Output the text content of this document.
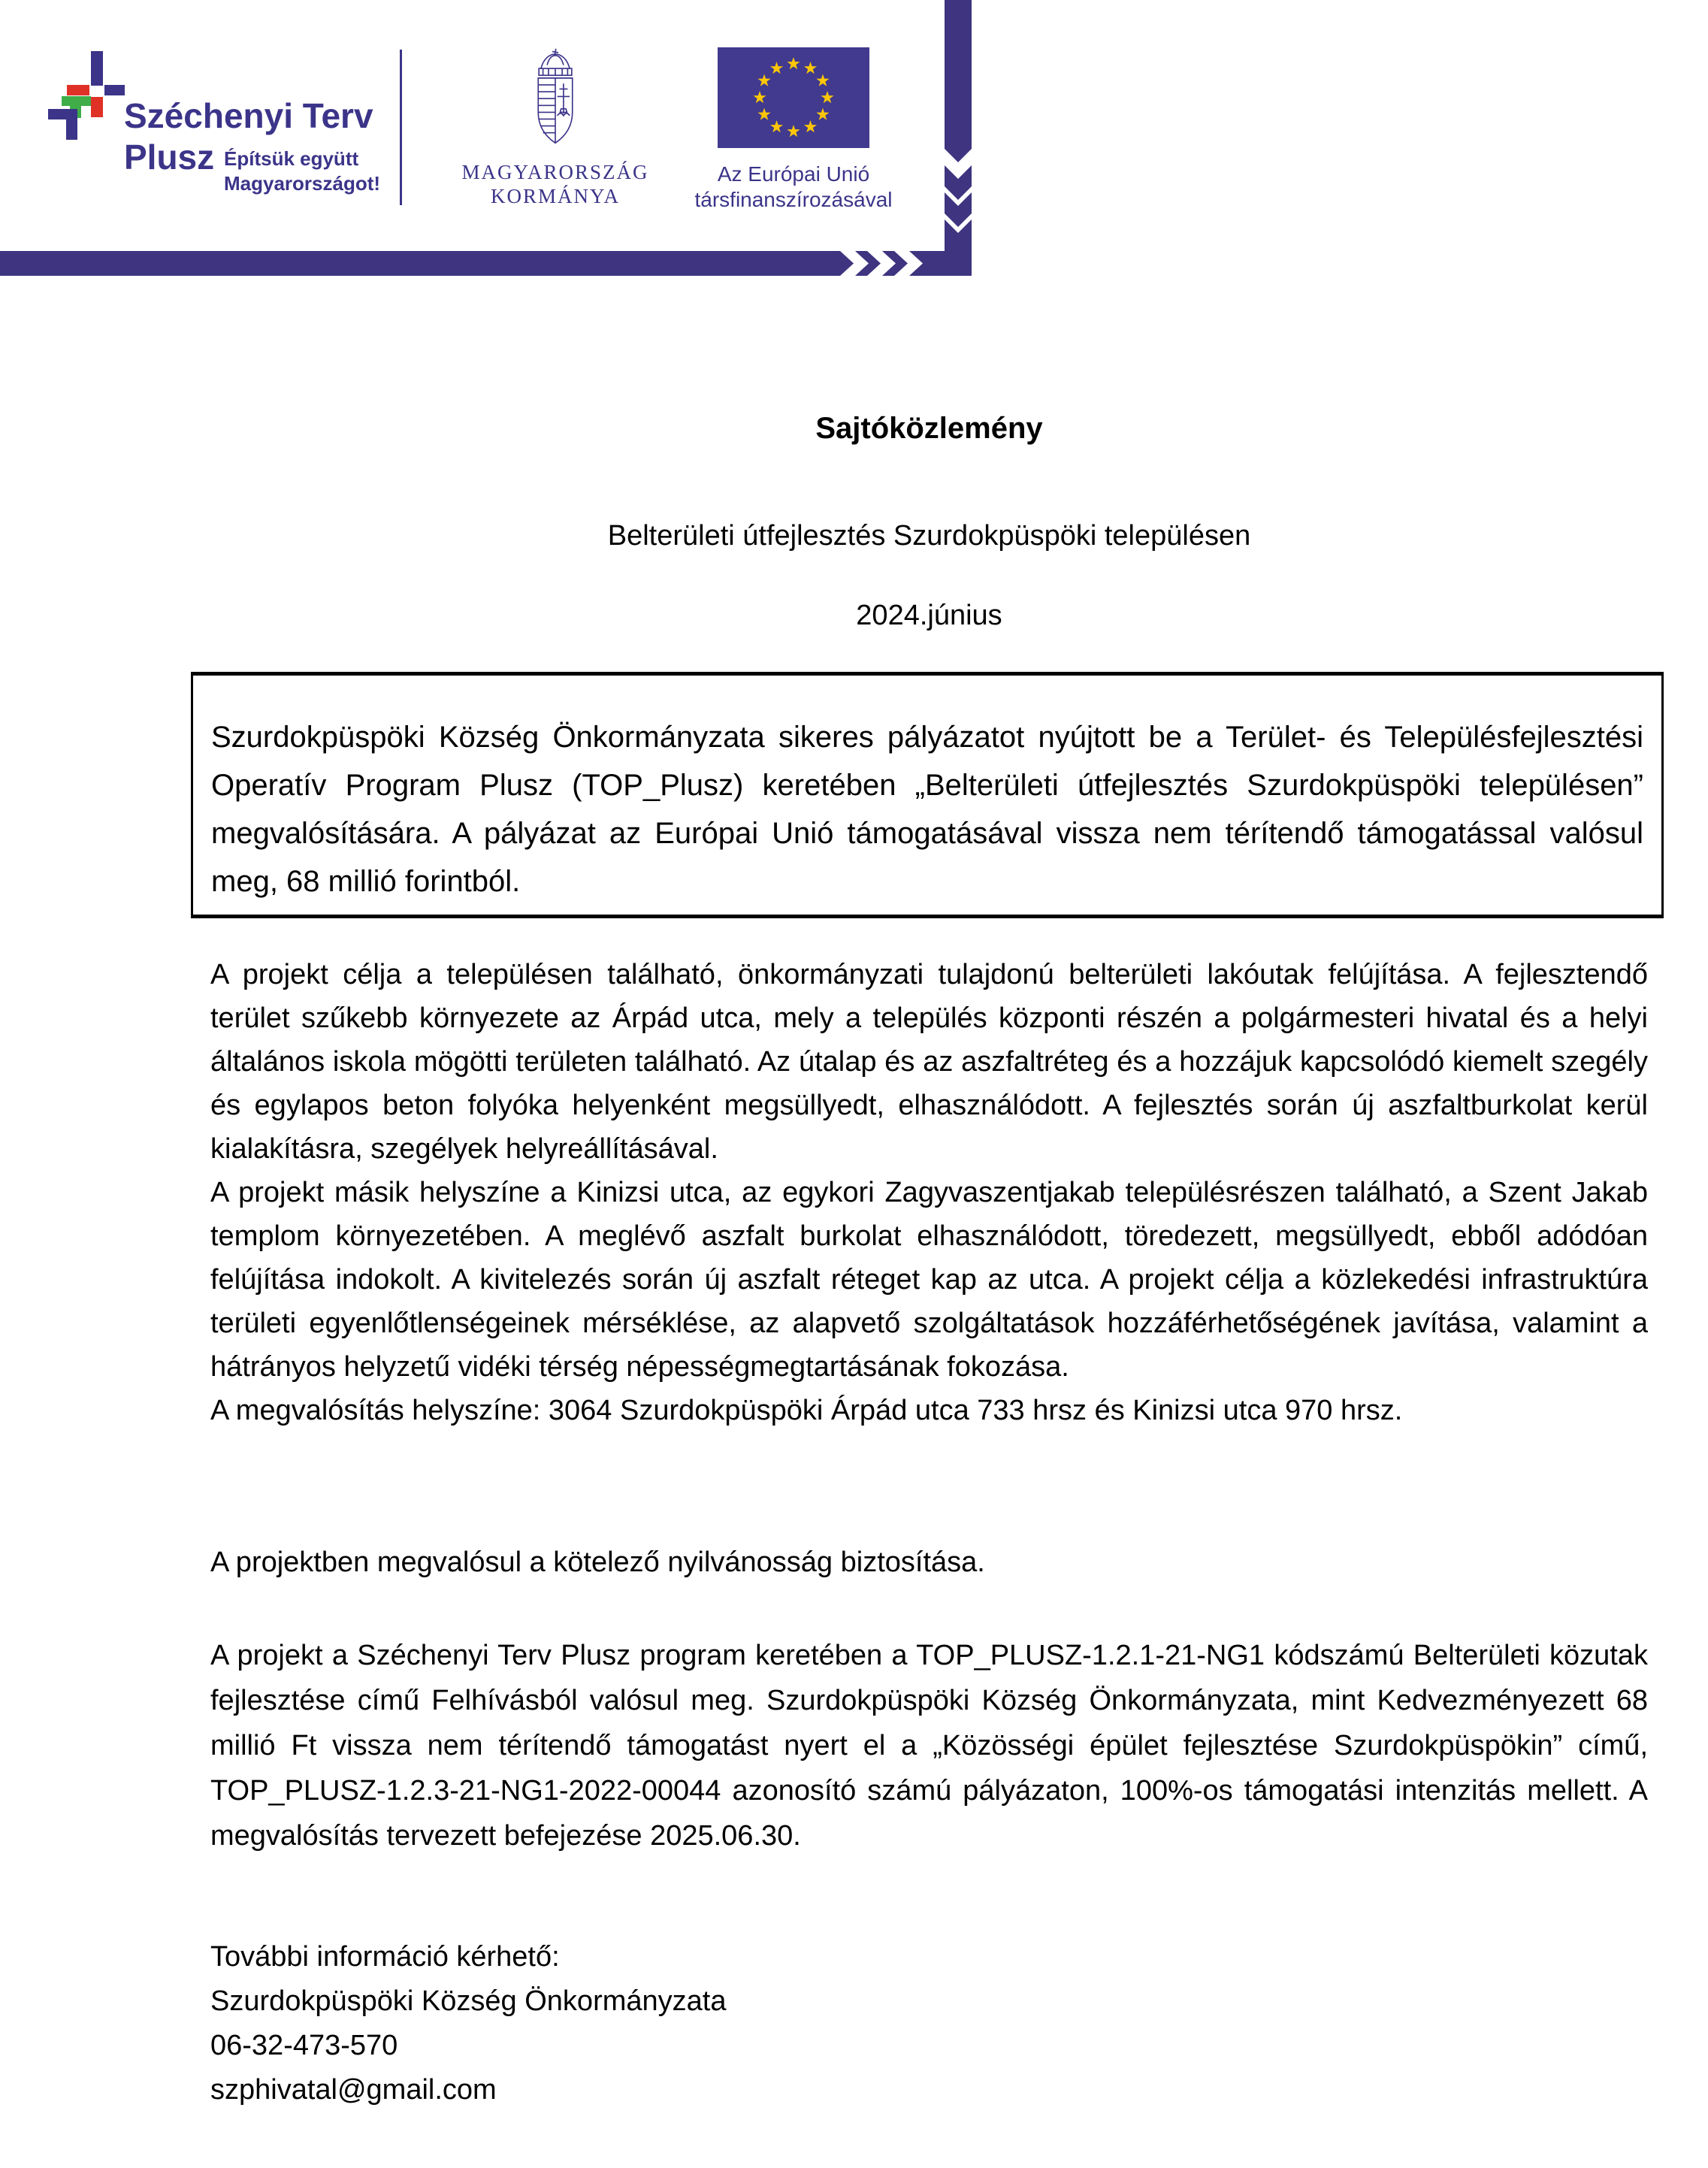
Széchenyi Terv
Plusz Építsük együtt
Magyarországot!	MAGYARORSZÁG
KORMÁNYA
Az Európai Unió
társfinanszírozásával
Sajtóközlemény
Belterületi útfejlesztés Szurdokpüspöki településen
2024.június
Szurdokpüspöki Község Önkormányzata sikeres pályázatot nyújtott be a Terület- és Településfejlesztési Operatív Program Plusz (TOP_Plusz) keretében „Belterületi útfejlesztés Szurdokpüspöki településen” megvalósítására. A pályázat az Európai Unió támogatásával vissza nem térítendő támogatással valósul meg, 68 millió forintból.
A projekt célja a településen található, önkormányzati tulajdonú belterületi lakóutak felújítása. A fejlesztendő terület szűkebb környezete az Árpád utca, mely a település központi részén a polgármesteri hivatal és a helyi általános iskola mögötti területen található. Az útalap és az aszfaltréteg és a hozzájuk kapcsolódó kiemelt szegély és egylapos beton folyóka helyenként megsüllyedt, elhasználódott. A fejlesztés során új aszfaltburkolat kerül kialakításra, szegélyek helyreállításával.
A projekt másik helyszíne a Kinizsi utca, az egykori Zagyvaszentjakab településrészen található, a Szent Jakab templom környezetében. A meglévő aszfalt burkolat elhasználódott, töredezett, megsüllyedt, ebből adódóan felújítása indokolt. A kivitelezés során új aszfalt réteget kap az utca. A projekt célja a közlekedési infrastruktúra területi egyenlőtlenségeinek mérséklése, az alapvető szolgáltatások hozzáférhetőségének javítása, valamint a hátrányos helyzetű vidéki térség népességmegtartásának fokozása.
A megvalósítás helyszíne: 3064 Szurdokpüspöki Árpád utca 733 hrsz és Kinizsi utca 970 hrsz.
A projektben megvalósul a kötelező nyilvánosság biztosítása.
A projekt a Széchenyi Terv Plusz program keretében a TOP_PLUSZ-1.2.1-21-NG1 kódszámú Belterületi közutak fejlesztése című Felhívásból valósul meg. Szurdokpüspöki Község Önkormányzata, mint Kedvezményezett 68 millió Ft vissza nem térítendő támogatást nyert el a „Közösségi épület fejlesztése Szurdokpüspökin” című, TOP_PLUSZ-1.2.3-21-NG1-2022-00044 azonosító számú pályázaton, 100%-os támogatási intenzitás mellett. A megvalósítás tervezett befejezése 2025.06.30.
További információ kérhető:
Szurdokpüspöki Község Önkormányzata
06-32-473-570
szphivatal@gmail.com
